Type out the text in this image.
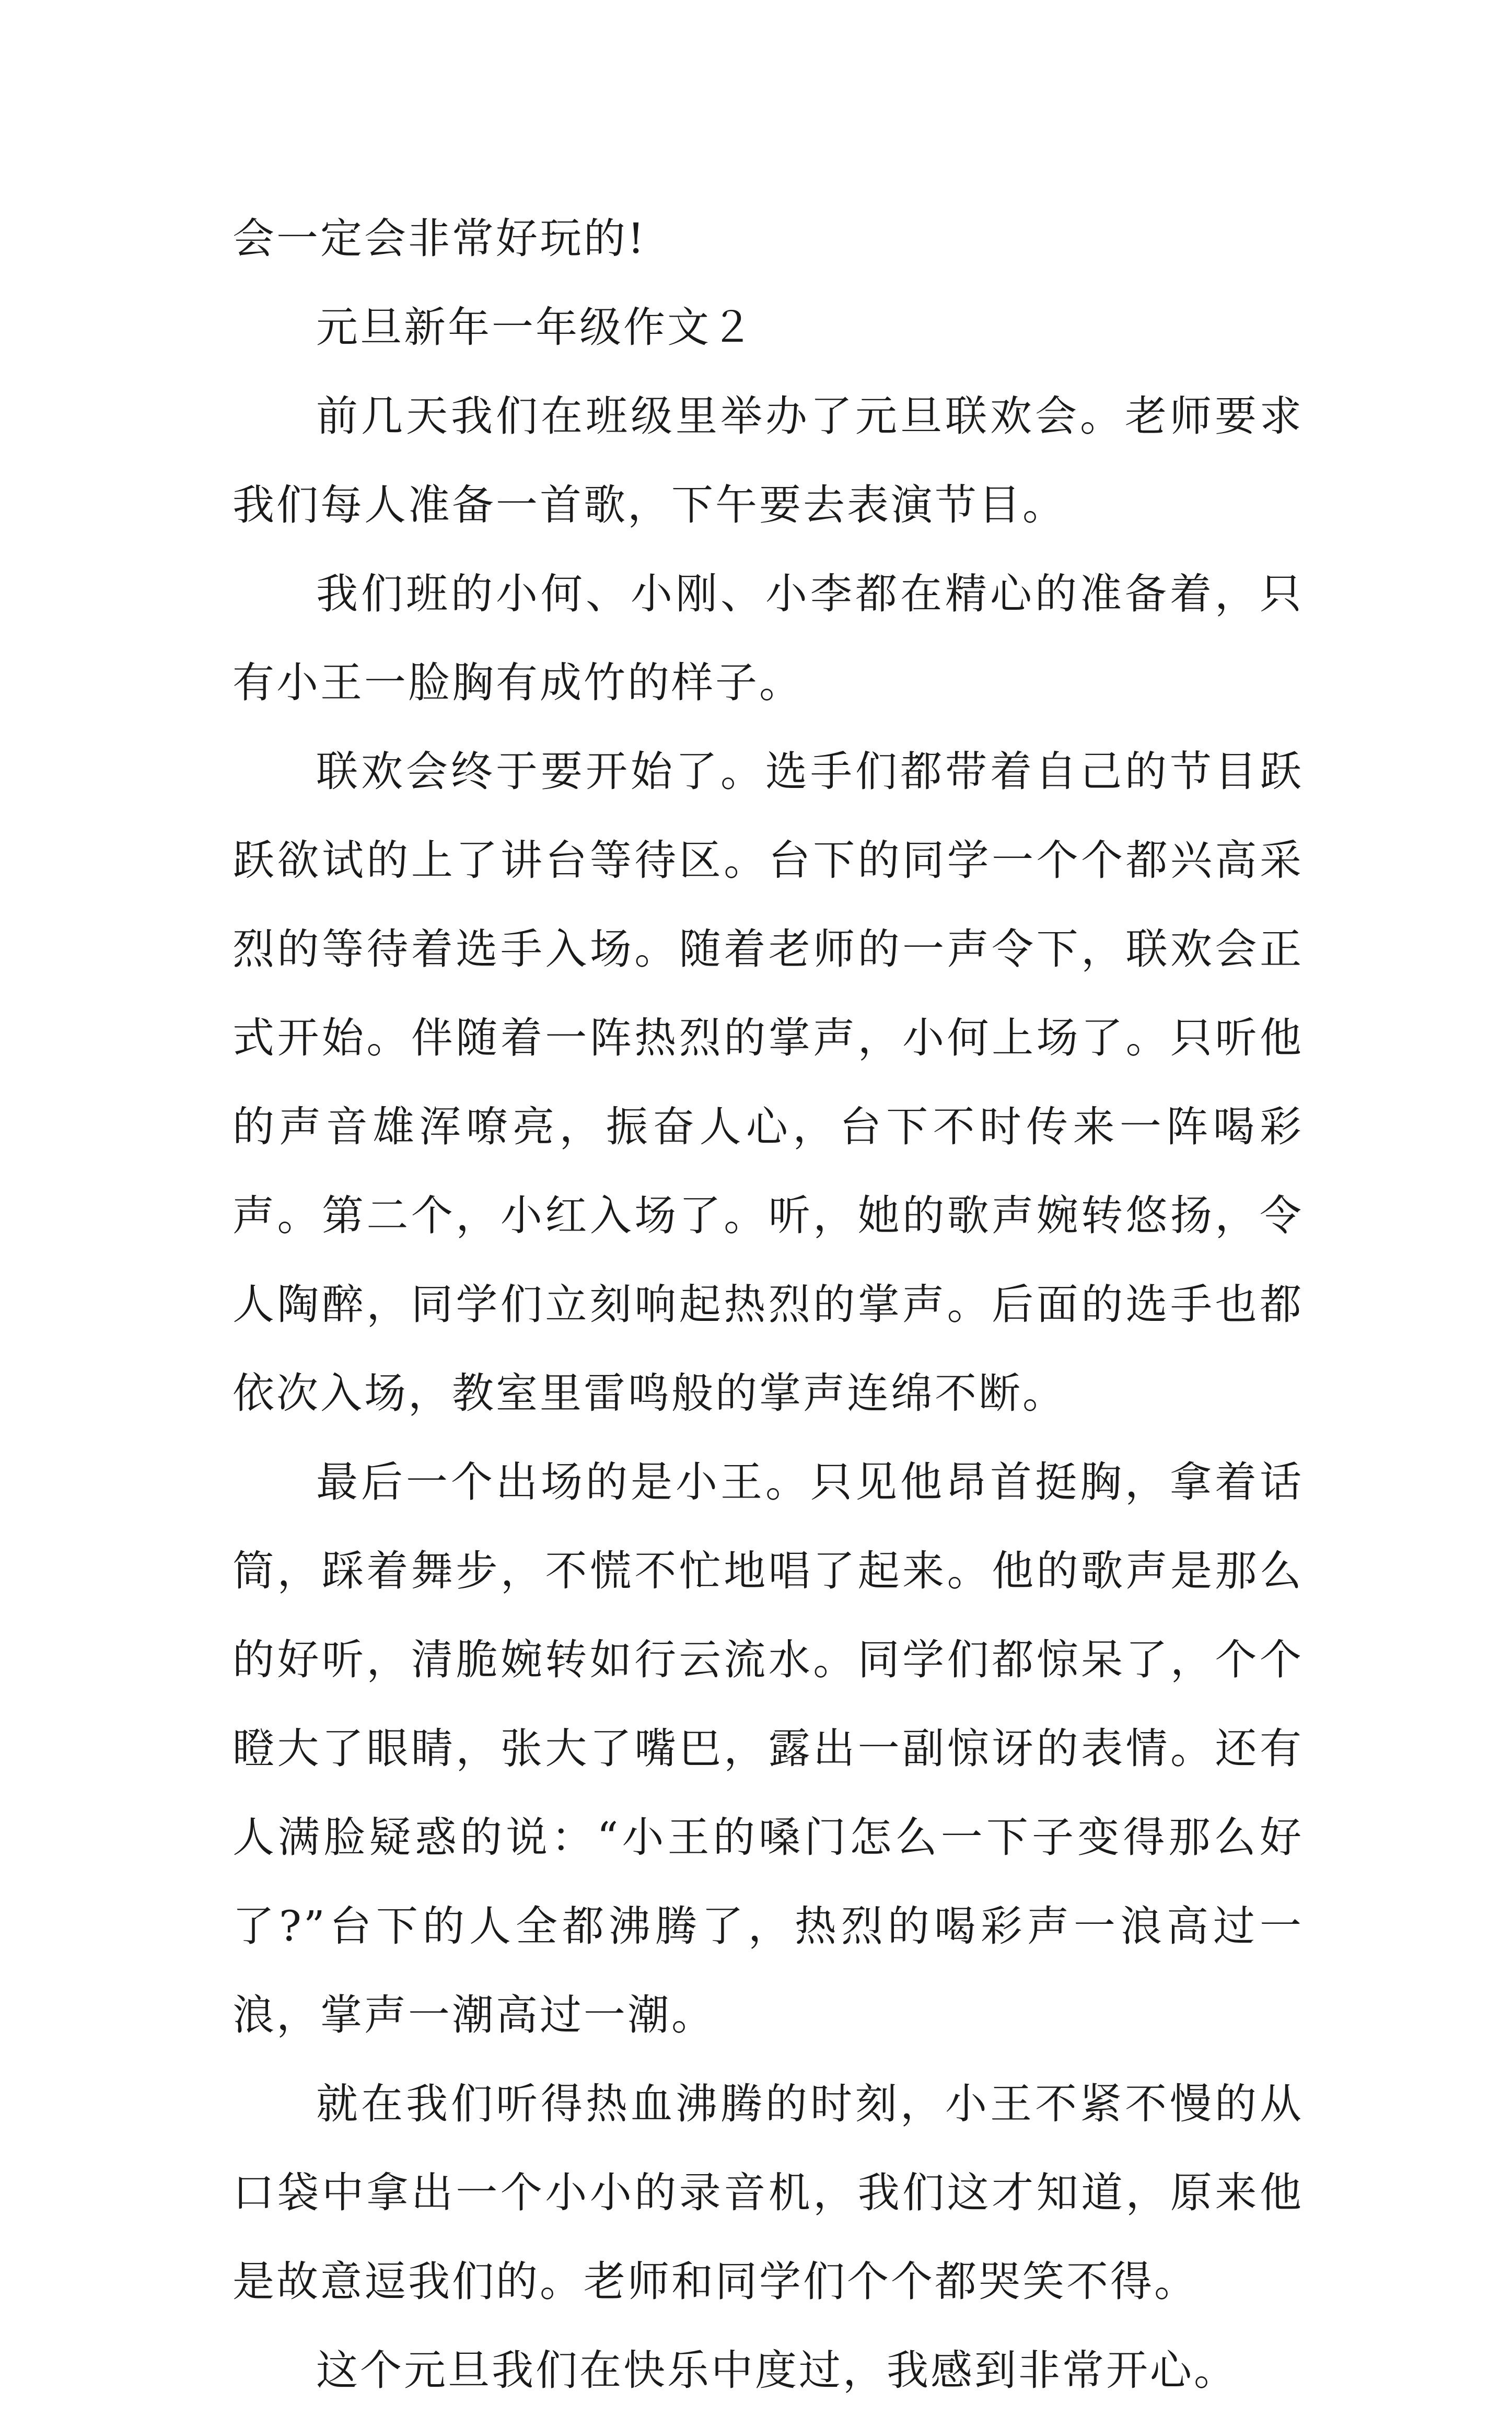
会一定会非常好玩的!

元旦新年一年级作文２

前几天我们在班级里举办了元旦联欢会。老师要求我们每人准备一首歌，下午要去表演节目。

我们班的小何、小刚、小李都在精心的准备着，只有小王一脸胸有成竹的样子。

联欢会终于要开始了。选手们都带着自己的节目跃跃欲试的上了讲台等待区。台下的同学一个个都兴高采烈的等待着选手入场。随着老师的一声令下，联欢会正式开始。伴随着一阵热烈的掌声，小何上场了。只听他的声音雄浑嘹亮，振奋人心，台下不时传来一阵喝彩声。第二个，小红入场了。听，她的歌声婉转悠扬，令人陶醉，同学们立刻响起热烈的掌声。后面的选手也都依次入场，教室里雷鸣般的掌声连绵不断。

最后一个出场的是小王。只见他昂首挺胸，拿着话筒，踩着舞步，不慌不忙地唱了起来。他的歌声是那么的好听，清脆婉转如行云流水。同学们都惊呆了，个个瞪大了眼睛，张大了嘴巴，露出一副惊讶的表情。还有人满脸疑惑的说：“小王的嗓门怎么一下子变得那么好了?”台下的人全都沸腾了，热烈的喝彩声一浪高过一浪，掌声一潮高过一潮。

就在我们听得热血沸腾的时刻，小王不紧不慢的从口袋中拿出一个小小的录音机，我们这才知道，原来他是故意逗我们的。老师和同学们个个都哭笑不得。

这个元旦我们在快乐中度过，我感到非常开心。
